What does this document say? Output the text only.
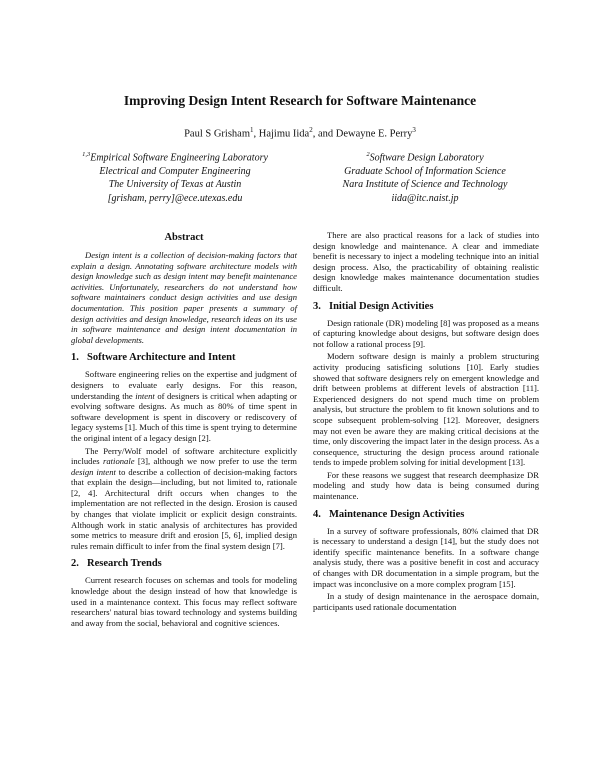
Improving Design Intent Research for Software Maintenance
Paul S Grisham$^1$, Hajimu Iida$^2$, and Dewayne E. Perry$^3$
$^{1,3}$Empirical Software Engineering Laboratory
Electrical and Computer Engineering
The University of Texas at Austin
[grisham, perry]@ece.utexas.edu
$^2$Software Design Laboratory
Graduate School of Information Science
Nara Institute of Science and Technology
iida@itc.naist.jp
Abstract

Design intent is a collection of decision-making factors that explain a design. Annotating software architecture models with design knowledge such as design intent may benefit maintenance activities. Unfortunately, researchers do not understand how software maintainers conduct design activities and use design documentation. This position paper presents a summary of design activities and design knowledge, research ideas on its use in software maintenance and design intent documentation in global developments.

1. Software Architecture and Intent

Software engineering relies on the expertise and judgment of designers to evaluate early designs. For this reason, understanding the intent of designers is critical when adapting or evolving software designs. As much as 80% of time spent in software development is spent in discovery or rediscovery of legacy systems [1]. Much of this time is spent trying to determine the original intent of a legacy design [2].

The Perry/Wolf model of software architecture explicitly includes rationale [3], although we now prefer to use the term design intent to describe a collection of decision-making factors that explain the design—including, but not limited to, rationale [2, 4]. Architectural drift occurs when changes to the implementation are not reflected in the design. Erosion is caused by changes that violate implicit or explicit design constraints. Although work in static analysis of architectures has provided some metrics to measure drift and erosion [5, 6], implied design rules remain difficult to infer from the final system design [7].

2. Research Trends

Current research focuses on schemas and tools for modeling knowledge about the design instead of how that knowledge is used in a maintenance context. This focus may reflect software researchers' natural bias toward technology and systems building and away from the social, behavioral and cognitive sciences.

There are also practical reasons for a lack of studies into design knowledge and maintenance. A clear and immediate benefit is necessary to inject a modeling technique into an initial design process. Also, the practicability of obtaining realistic design knowledge makes maintenance documentation studies difficult.

3. Initial Design Activities

Design rationale (DR) modeling [8] was proposed as a means of capturing knowledge about designs, but software design does not follow a rational process [9].

Modern software design is mainly a problem structuring activity producing satisficing solutions [10]. Early studies showed that software designers rely on emergent knowledge and drift between problems at different levels of abstraction [11]. Experienced designers do not spend much time on problem analysis, but structure the problem to fit known solutions and to scope subsequent problem-solving [12]. Moreover, designers may not even be aware they are making critical decisions at the time, only discovering the impact later in the design process. As a consequence, structuring the design process around rationale tends to impede problem solving for initial development [13].

For these reasons we suggest that research deemphasize DR modeling and study how data is being consumed during maintenance.

4. Maintenance Design Activities

In a survey of software professionals, 80% claimed that DR is necessary to understand a design [14], but the study does not identify specific maintenance benefits. In a software change analysis study, there was a positive benefit in cost and accuracy of changes with DR documentation in a simple program, but the impact was inconclusive on a more complex program [15].

In a study of design maintenance in the aerospace domain, participants used rationale documentation
